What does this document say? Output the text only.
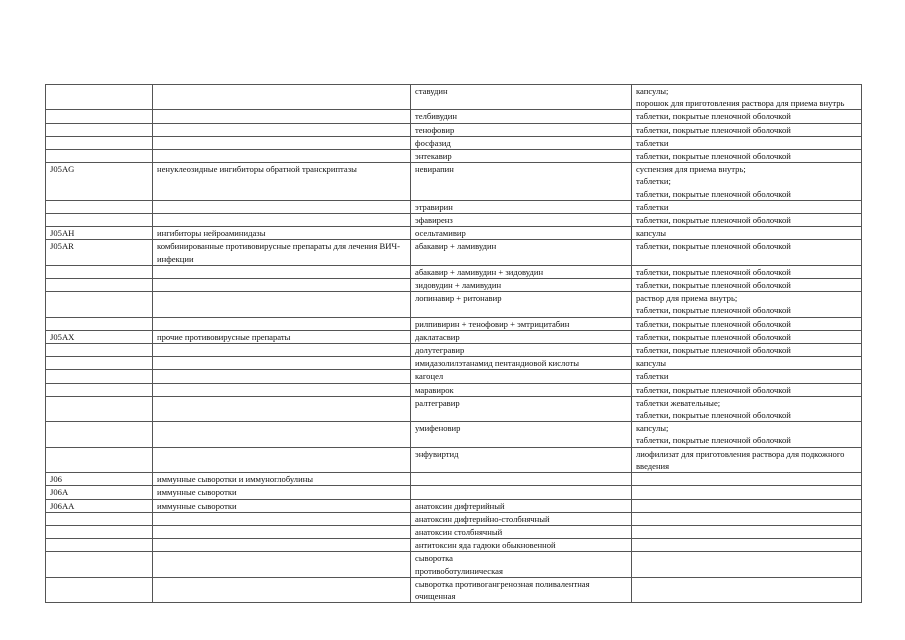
		ставудин	капсулы;
порошок для приготовления раствора для приема внутрь
		телбивудин	таблетки, покрытые пленочной оболочкой
		тенофовир	таблетки, покрытые пленочной оболочкой
		фосфазид	таблетки
		энтекавир	таблетки, покрытые пленочной оболочкой
J05AG	ненуклеозидные ингибиторы обратной транскриптазы	невирапин	суспензия для приема внутрь;
таблетки;
таблетки, покрытые пленочной оболочкой
		этравирин	таблетки
		эфавиренз	таблетки, покрытые пленочной оболочкой
J05AH	ингибиторы нейроаминидазы	осельтамивир	капсулы
J05AR	комбинированные противовирусные препараты для лечения ВИЧ-инфекции	абакавир + ламивудин	таблетки, покрытые пленочной оболочкой
		абакавир + ламивудин + зидовудин	таблетки, покрытые пленочной оболочкой
		зидовудин + ламивудин	таблетки, покрытые пленочной оболочкой
		лопинавир + ритонавир	раствор для приема внутрь;
таблетки, покрытые пленочной оболочкой
		рилпивирин + тенофовир + эмтрицитабин	таблетки, покрытые пленочной оболочкой
J05AX	прочие противовирусные препараты	даклатасвир	таблетки, покрытые пленочной оболочкой
		долутегравир	таблетки, покрытые пленочной оболочкой
		имидазолилэтанамид пентандиовой кислоты	капсулы
		кагоцел	таблетки
		маравирок	таблетки, покрытые пленочной оболочкой
		ралтегравир	таблетки жевательные;
таблетки, покрытые пленочной оболочкой
		умифеновир	капсулы;
таблетки, покрытые пленочной оболочкой
		энфувиртид	лиофилизат для приготовления раствора для подкожного введения
J06	иммунные сыворотки и иммуноглобулины		
J06A	иммунные сыворотки		
J06AA	иммунные сыворотки	анатоксин дифтерийный	
		анатоксин дифтерийно-столбнячный	
		анатоксин столбнячный	
		антитоксин яда гадюки обыкновенной	
		сыворотка
противоботулиническая	
		сыворотка противогангренозная поливалентная очищенная	
